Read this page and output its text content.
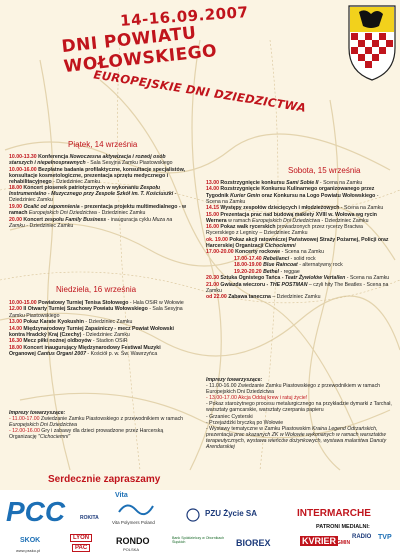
14-16.09.2007
DNI POWIATU WOŁOWSKIEGO
EUROPEJSKIE DNI DZIEDZICTWA
Piątek, 14 września

10.00-13.30 Konferencja Nowoczesna aktywizacja i rozwój osób starszych i niepełnosprawnych - Sala Sesyjna Zamku Piastowskiego

10.00-16.00 Bezpłatne badania profilaktyczne, konsultacje specjalistów, konsultacje kosmetologiczne, prezentacja sprzętu medycznego i rehabilitacyjnego - Dziedziniec Zamku

18.00 Koncert piosenek patriotycznych w wykonaniu Zespołu Instrumentalno - Muzycznego przy Zespole Szkół im. T. Kościuszki - Dziedziniec Zamku

19.00 Ocalić od zapomnienia - prezentacja projektu multimedialnego - w ramach Europejskich Dni Dziedzictwa - Dziedziniec Zamku

20.00 Koncert zespołu Family Business - inauguracja cyklu Muza na Zamku - Dziedziniec Zamku

Niedziela, 16 września

10.00-15.00 Powiatowy Turniej Tenisa Stołowego - Hala OSiR w Wołowie

12.00 II Otwarty Turniej Szachowy Powiatu Wołowskiego - Sala Sesyjna Zamku Piastowskiego

13.00 Pokaz Karate Kyokushin - Dziedziniec Zamku

14.00 Międzynarodowy Turniej Zapaśniczy - mecz Powiat Wołowski kontra Hradcký Kraj (Czechy) - Dziedziniec Zamku

16.30 Mecz piłki nożnej oldboyów - Stadion OSiR

18.00 Koncert inaugurujący Międzynarodowy Festiwal Muzyki Organowej Cantus Organi 2007 - Kościół p. w. Św. Wawrzyńca

Imprezy towarzyszące:
- 11.00-17.00 Zwiedzanie Zamku Piastowskiego z przewodnikiem w ramach Europejskich Dni Dziedzictwa
- 12.00-16.00 Gry i zabawy dla dzieci prowadzone przez Harcerską Organizację "Cichociemni"
Sobota, 15 września

13.00 Rozstrzygnięcie konkursu Sami Sobie II - Scena na Zamku

14.00 Rozstrzygnięcie Konkursu Kulinarnego organizowanego przez Tygodnik Kurier Gmin oraz Konkursu na Logo Powiatu Wołowskiego - Scena na Zamku

14.15 Występy zespołów dziecięcych i młodzieżowych - Scena na Zamku

15.00 Prezentacja prac nad budową makiety XVIII w. Wołowa wg rycin Wernera w ramach Europejskich Dni Dziedzictwa - Dziedziniec Zamku

16.00 Pokaz walk rycerskich prowadzonych przez rycerzy Bractwa Rycerskiego z Legnicy – Dziedziniec Zamku

ok. 19.00 Pokaz akcji ratowniczej Państwowej Straży Pożarnej, Policji oraz Harcerskiej Organizacji Cichociemni

17.00-20.00 Koncerty rockowe - Scena na Zamku

17.00-17.40 Rebelianci - solid rock

18.00-19.00 Blue Raincoat - alternatywny rock

19.20-20.20 Bethel - reggae

20.30 Sztuka Ognistego Tańca - Teatr Żywiołów Vertallen - Scena na Zamku

21.00 Gwiazda wieczoru - THE POSTMAN – czyli hity The Beatles - Scena na Zamku

od 22.00 Zabawa taneczna – Dziedziniec Zamku

Imprezy towarzyszące:
- 11.00-16.00 Zwiedzanie Zamku Piastowskiego z przewodnikiem w ramach Europejskich Dni Dziedzictwa
- 13.00-17.00 Akcja Oddaj krew i ratuj życie!
- Pokaz starożytnego procesu metalurgicznego na przykładzie dymarki z Tarchał, warsztaty garncarskie, warsztaty czerpania papieru
- Grzaniec Cysterski
- Przejażdżki bryczką po Wołowie
- Wystawy tematyczne w Zamku Piastowskim Kraina Legend Odrzańskich, prezentacja prac skazanych ZK w Wołowie wykonanych w ramach warsztatów terapeutycznych, wystawa wieńców dożynkowych, wystawa malarstwa Danuty Arendarskiej
Serdecznie zapraszamy
PCC	ROKITA
Vita
Vita Polymers Poland
PZU Życie SA	INTERMARCHE
PATRONI MEDIALNI:
SKOK
www.pssko.pl
LYON
PAC
RONDO
POLSKA
Bank Spółdzielczy w Obornikach Śląskich	BIOREX	KVRIER GMIN
RADIO TVP
